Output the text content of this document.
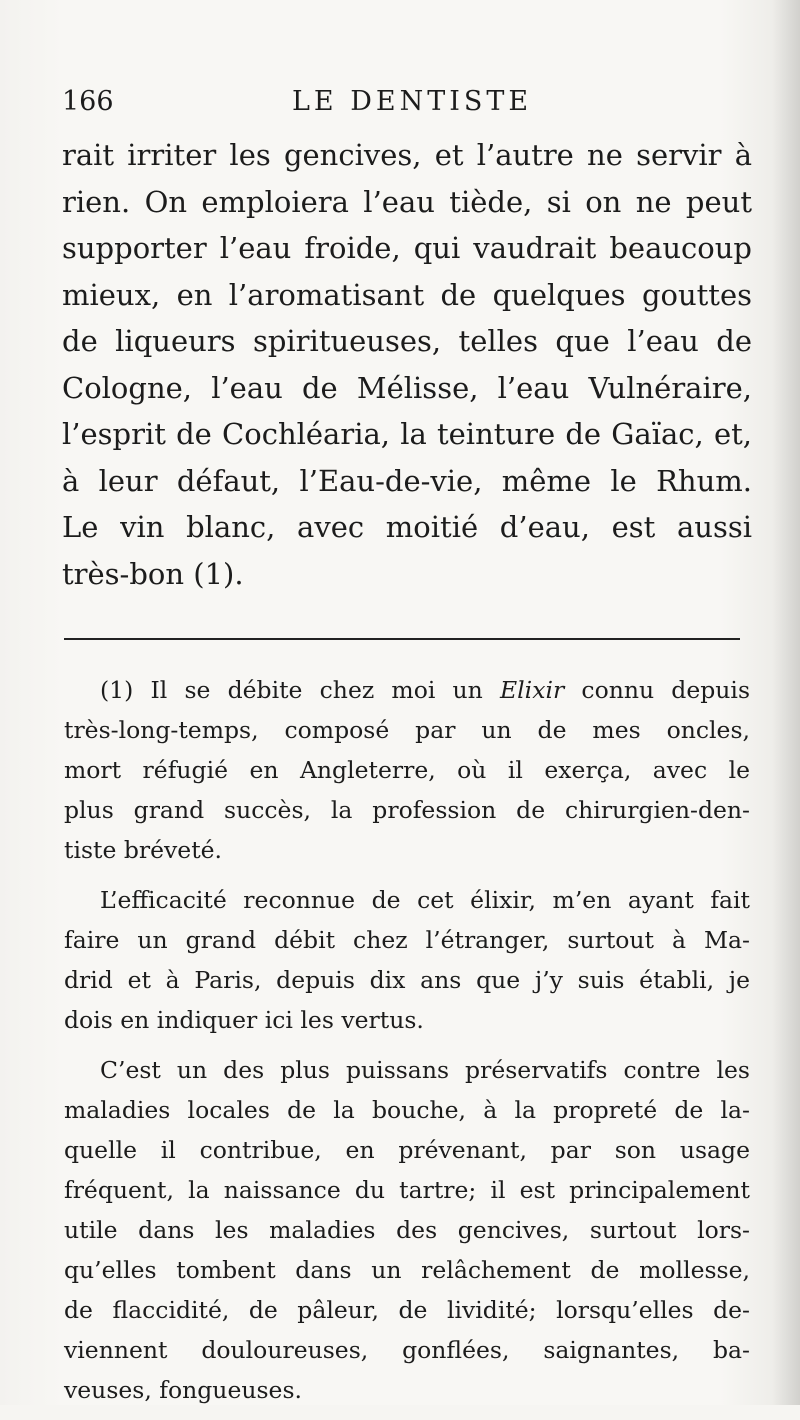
166	LE DENTISTE
rait irriter les gencives, et l’autre ne servir à
rien. On emploiera l’eau tiède, si on ne peut
supporter l’eau froide, qui vaudrait beaucoup
mieux, en l’aromatisant de quelques gouttes
de liqueurs spiritueuses, telles que l’eau de
Cologne, l’eau de Mélisse, l’eau Vulnéraire,
l’esprit de Cochléaria, la teinture de Gaïac, et,
à leur défaut, l’Eau-de-vie, même le Rhum.
Le vin blanc, avec moitié d’eau, est aussi
très-bon (1).
(1) Il se débite chez moi un Elixir connu depuis
très-long-temps, composé par un de mes oncles,
mort réfugié en Angleterre, où il exerça, avec le
plus grand succès, la profession de chirurgien-den-
tiste bréveté.
L’efficacité reconnue de cet élixir, m’en ayant fait
faire un grand débit chez l’étranger, surtout à Ma-
drid et à Paris, depuis dix ans que j’y suis établi, je
dois en indiquer ici les vertus.
C’est un des plus puissans préservatifs contre les
maladies locales de la bouche, à la propreté de la-
quelle il contribue, en prévenant, par son usage
fréquent, la naissance du tartre; il est principalement
utile dans les maladies des gencives, surtout lors-
qu’elles tombent dans un relâchement de mollesse,
de flaccidité, de pâleur, de lividité; lorsqu’elles de-
viennent douloureuses, gonflées, saignantes, ba-
veuses, fongueuses.
